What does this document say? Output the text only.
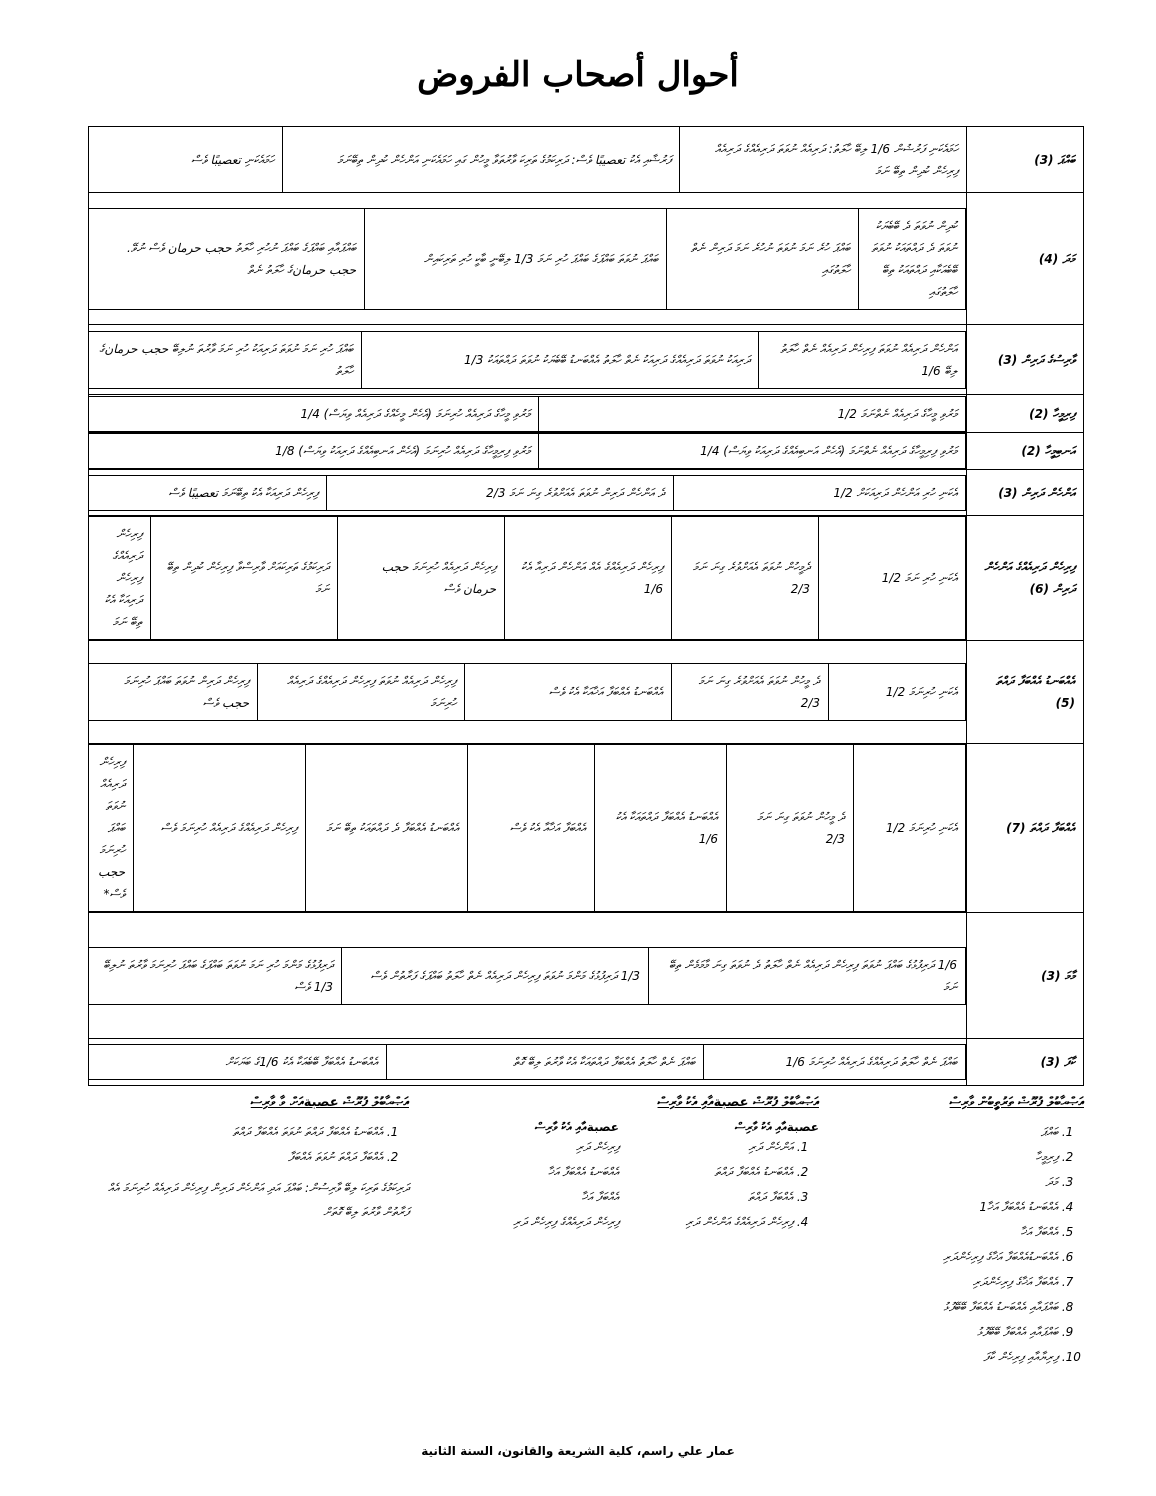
أحوال أصحاب الفروض
ބައްޕަ (3)	ހަމައެކަނި ފަރުޟުން 1/6 ލިބޭ ހާލަތު: ދަރިއެއް ނުވަތަ ދަރިއެއްގެ ދަރިއެއް ފިރިހެން ކުދިން ތިބޭ ނަމަ	ފަރުޟާއި އެކު تعصيبًا ވެސް: ދަރިކަމުގެ ތަރިކަ ވާރުތަވާ މީހުން ގައި ހަމައެކަނި އަންހެން ކުދިން ތިބޭނަމަ	ހަމައެކަނި تعصيبًا ވެސް
މަދަ (4)	
ކުދިން ނުވަތަ ދެ ބޭބެޔަކު ނުވަތަ ދެ ދައްތައަކު ނުވަތަ ބޭބެއަކާއި ދައްތައަކު ތިބޭ ހާލަތުގައި	ބައްޕަ ހުރެ ނަމަ ނުވަތަ ނުހުރެ ނަމަ ދަރިން ނެތް ހާލަތުގައި	ބައްޕަ ނުވަތަ ބައްޕަގެ ބައްޕަ ހުރި ނަމަ 1/3 ލިބޭނީ ބާކީ ހުރި ތަރިކައިން	ބައްޕައާއި ބައްޕަގެ ބައްޕަ ނުހުރި ހާލަތު حجب حرمان ވެސް ނުވޭ. حجب حرمانގެ ހާލަތު ނެތް

ވާރިސުގެ ދަރިން (3)	
އަންހެން ދަރިއެއް ނުވަތަ ފިރިހެން ދަރިއެއް ނެތް ހާލަތު ލިބޭ 1/6	ދަރިއަކު ނުވަތަ ދަރިއެއްގެ ދަރިއަކު ނެތް ހާލަތު އެއްބަނޑު ބޭބެޔަކު ނުވަތަ ދައްތައަކު 1/3	ބައްޕަ ހުރި ނަމަ ނުވަތަ ދަރިއަކު ހުރި ނަމަ ވާރުތަ ނުލިބޭ حجب حرمانގެ ހާލަތު

ފިރިމީހާ (2)	
މަރުވި މީހާގެ ދަރިއެއް ނެތްނަމަ 1/2	މަރުވި މީހާގެ ދަރިއެއް ހުރިނަމަ (އެހެން މީހެއްގެ ދަރިއެއް ވިޔަސް) 1/4

އަނބިމީހާ (2)	
މަރުވި ފިރިމީހާގެ ދަރިއެއް ނެތްނަމަ (އެހެން އަނބިއެއްގެ ދަރިއަކު ވިޔަސް) 1/4	މަރުވި ފިރިމީހާގެ ދަރިއެއް ހުރިނަމަ (އެހެން އަނބިއެއްގެ ދަރިއަކު ވިޔަސް) 1/8

އަންހެން ދަރިން (3)	
އެކަނި ހުރި އަންހެން ދަރިއަކަށް 1/2	ދެ އަންހެން ދަރިން ނުވަތަ އެއަށްވުރެ ގިނަ ނަމަ 2/3	ފިރިހެން ދަރިއަކާ އެކު ތިބޭނަމަ تعصيبًا ވެސް

ފިރިހެން ދަރިއެއްގެ އަންހެން ދަރިން (6)	
އެކަނި ހުރި ނަމަ 1/2	ދެމީހުން ނުވަތަ އެއަށްވުރެ ގިނަ ނަމަ 2/3	ފިރިހެން ދަރިއެއްގެ އެއް އަންހެން ދަރިއާ އެކު 1/6	ފިރިހެން ދަރިއެއް ހުރިނަމަ حجب حرمان ވެސް	ދަރިކަމުގެ ތަރިކައަށް ވާރިސްވާ ފިރިހެން ކުދިން ތިބޭ ނަމަ	ފިރިހެން ދަރިއެއްގެ ފިރިހެން ދަރިއަކާ އެކު ތިބޭ ނަމަ

އެއްބަނޑު އެއްބަފާ ދައްތަ (5)	
އެކަނި ހުރިނަމަ 1/2	ދެ މީހުން ނުވަތަ އެއަށްވުރެ ގިނަ ނަމަ 2/3	އެއްބަނޑު އެއްބަފާ އަޚާއަކާ އެކު ވެސް	ފިރިހެން ދަރިއެއް ނުވަތަ ފިރިހެން ދަރިއެއްގެ ދަރިއެއް ހުރިނަމަ	ފިރިހެން ދަރިން ނުވަތަ ބައްޕަ ހުރިނަމަ حجب ވެސް

އެއްބަފާ ދައްތަ (7)	
އެކަނި ހުރިނަމަ 1/2	ދެ މީހުން ނުވަތަ ގިނަ ނަމަ 2/3	އެއްބަނޑު އެއްބަފާ ދައްތައަކާ އެކު 1/6	އެއްބަފާ އަޚާއާ އެކު ވެސް	އެއްބަނޑު އެއްބަފާ ދެ ދައްތައަކު ތިބޭ ނަމަ	ފިރިހެން ދަރިއެއްގެ ދަރިއެއް ހުރިނަމަ ވެސް	ފިރިހެން ދަރިއެއް ނުވަތަ ބައްޕަ ހުރިނަމަ حجب ވެސް*

މާމަ (3)	
1/6 ދަރިފުޅުގެ ބައްޕަ ނުވަތަ ފިރިހެން ދަރިއެއް ނެތް ހާލަތު ދެ ނުވަތަ ގިނަ މާމަމެން ތިބޭ ނަމަ	1/3 ދަރިފުޅުގެ މަންމަ ނުވަތަ ފިރިހެން ދަރިއެއް ނެތް ހާލަތު ބައްޕަގެ ފަރާތުން ވެސް	ދަރިފުޅުގެ މަންމަ ހުރި ނަމަ ނުވަތަ ބައްޕަގެ ބައްޕަ ހުރިނަމަ ވާރުތަ ނުލިބޭ 1/3 ވެސް

ކާފަ (3)	
ބައްޕަ ނެތް ހާލަތު ދަރިއެއްގެ ދަރިއެއް ހުރިނަމަ 1/6	ބައްޕަ ނެތް ހާލަތު އެއްބަފާ ދައްތައަކާ އެކު ވާރުތަ ލިބޭ ގޮތް	އެއްބަނޑު އެއްބަފާ ބޭބެއަކާ އެކު 1/6ގެ ބަޔަކަށް
އަޞްޙާބުލް ފުރޫޟް ތަރުތީބުން ވާރިސް
1. ބައްޕަ
2. ފިރިމީހާ
3. މަދަ
4. އެއްބަނޑު އެއްބަފާ އަޚާ1
5. އެއްބަފާ އަޚާ
6. އެއްބަނޑުއެއްބަފާ އަޚާގެ ފިރިހެންދަރި
7. އެއްބަފާ އަޚާގެ ފިރިހެންދަރި
8. ބައްޕައާއި އެއްބަނޑު އެއްބަފާ ބޭބޭފުޅު
9. ބައްޕައާއި އެއްބަފާ ބޭބޭފުޅު
10. ފިރިޔާއާއި ފިރިހެން ކާފަ
އަޞްޙާބުލް ފުރޫޟް عصبةއާއި އެކު ވާރިސް
عصبةއާއި އެކު ވާރިސް
1. އަންހެން ދަރި
2. އެއްބަނޑު އެއްބަފާ ދައްތަ
3. އެއްބަފާ ދައްތަ
4. ފިރިހެން ދަރިއެއްގެ އަންހެން ދަރި
عصبةއާއި އެކު ވާރިސް
ފިރިހެން ދަރި
އެއްބަނޑު އެއްބަފާ އަޚާ
އެއްބަފާ އަޚާ
ފިރިހެން ދަރިއެއްގެ ފިރިހެން ދަރި
އަޞްޙާބުލް ފުރޫޟް عصبةއަށް ވާ ވާރިސް
1. އެއްބަނޑު އެއްބަފާ ދައްތަ ނުވަތަ އެއްބަފާ ދައްތަ
2. އެއްބަފާ ދައްތަ ނުވަތަ އެއްބަފާ
ދަރިކަމުގެ ތަރިކަ ލިބޭ ވާރިސުން: ބައްޕަ އަދި އަންހެން ދަރިން ފިރިހެން ދަރިއެއް ހުރިނަމަ އެއް ފަރާތުން ވާރުތަ ލިބޭ ގޮތަށް
عمار علي راسم، كلية الشريعة والقانون، السنة الثانية
